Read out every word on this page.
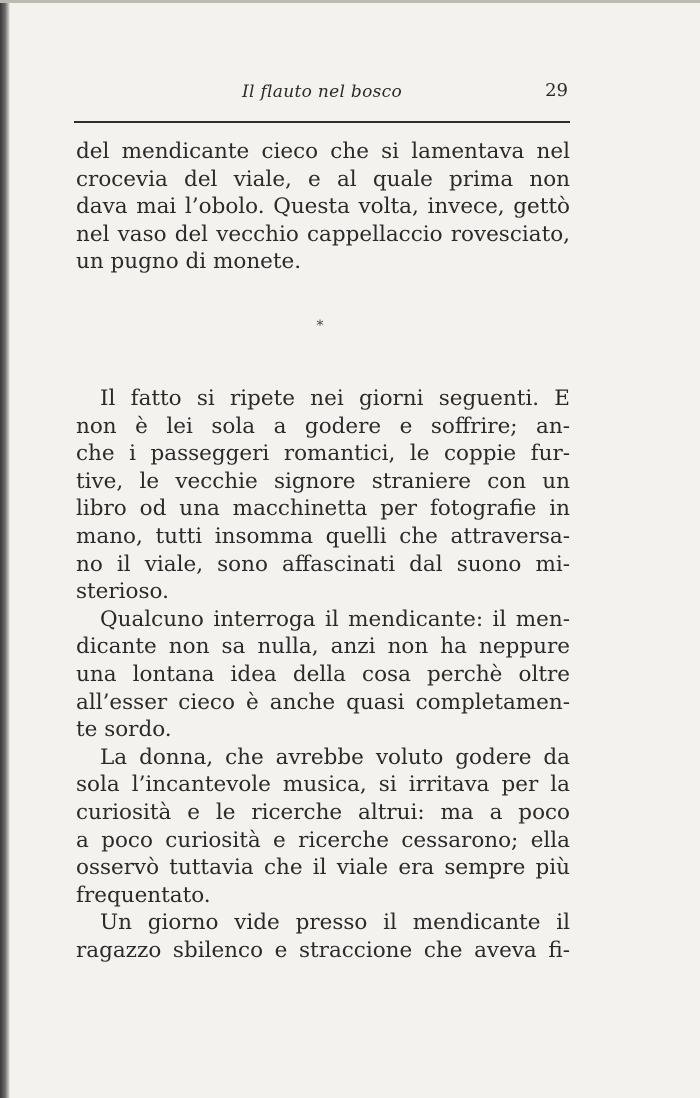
Il flauto nel bosco	29
del mendicante cieco che si lamentava nel
crocevia del viale, e al quale prima non
dava mai l’obolo. Questa volta, invece, gettò
nel vaso del vecchio cappellaccio rovesciato,
un pugno di monete.
*
Il fatto si ripete nei giorni seguenti. E
non è lei sola a godere e soffrire; an-
che i passeggeri romantici, le coppie fur-
tive, le vecchie signore straniere con un
libro od una macchinetta per fotografie in
mano, tutti insomma quelli che attraversa-
no il viale, sono affascinati dal suono mi-
sterioso.
Qualcuno interroga il mendicante: il men-
dicante non sa nulla, anzi non ha neppure
una lontana idea della cosa perchè oltre
all’esser cieco è anche quasi completamen-
te sordo.
La donna, che avrebbe voluto godere da
sola l’incantevole musica, si irritava per la
curiosità e le ricerche altrui: ma a poco
a poco curiosità e ricerche cessarono; ella
osservò tuttavia che il viale era sempre più
frequentato.
Un giorno vide presso il mendicante il
ragazzo sbilenco e straccione che aveva fi-
